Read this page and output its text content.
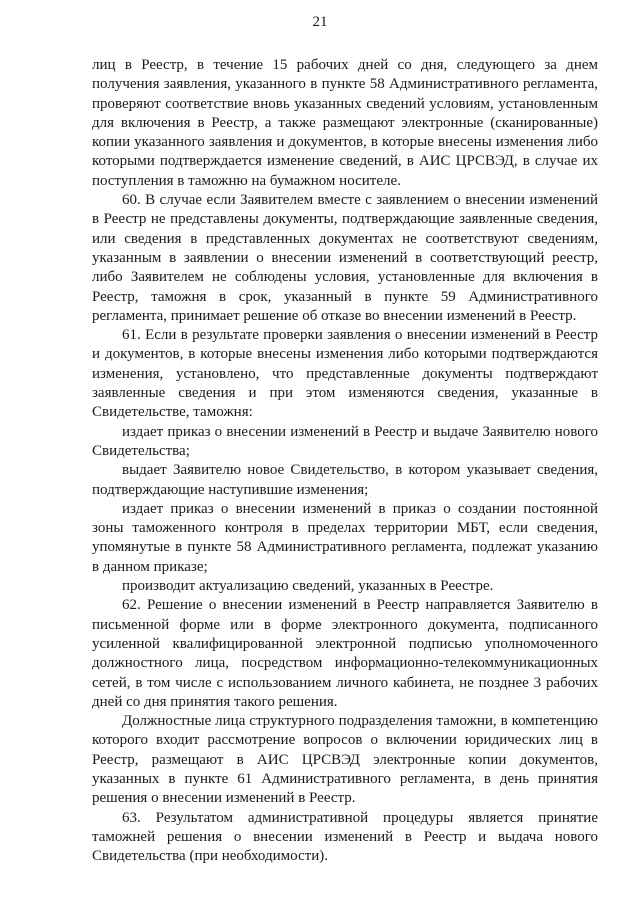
21

лиц в Реестр, в течение 15 рабочих дней со дня, следующего за днем получения заявления, указанного в пункте 58 Административного регламента, проверяют соответствие вновь указанных сведений условиям, установленным для включения в Реестр, а также размещают электронные (сканированные) копии указанного заявления и документов, в которые внесены изменения либо которыми подтверждается изменение сведений, в АИС ЦРСВЭД, в случае их поступления в таможню на бумажном носителе.

60. В случае если Заявителем вместе с заявлением о внесении изменений в Реестр не представлены документы, подтверждающие заявленные сведения, или сведения в представленных документах не соответствуют сведениям, указанным в заявлении о внесении изменений в соответствующий реестр, либо Заявителем не соблюдены условия, установленные для включения в Реестр, таможня в срок, указанный в пункте 59 Административного регламента, принимает решение об отказе во внесении изменений в Реестр.

61. Если в результате проверки заявления о внесении изменений в Реестр и документов, в которые внесены изменения либо которыми подтверждаются изменения, установлено, что представленные документы подтверждают заявленные сведения и при этом изменяются сведения, указанные в Свидетельстве, таможня:

издает приказ о внесении изменений в Реестр и выдаче Заявителю нового Свидетельства;

выдает Заявителю новое Свидетельство, в котором указывает сведения, подтверждающие наступившие изменения;

издает приказ о внесении изменений в приказ о создании постоянной зоны таможенного контроля в пределах территории МБТ, если сведения, упомянутые в пункте 58 Административного регламента, подлежат указанию в данном приказе;

производит актуализацию сведений, указанных в Реестре.

62. Решение о внесении изменений в Реестр направляется Заявителю в письменной форме или в форме электронного документа, подписанного усиленной квалифицированной электронной подписью уполномоченного должностного лица, посредством информационно-телекоммуникационных сетей, в том числе с использованием личного кабинета, не позднее 3 рабочих дней со дня принятия такого решения.

Должностные лица структурного подразделения таможни, в компетенцию которого входит рассмотрение вопросов о включении юридических лиц в Реестр, размещают в АИС ЦРСВЭД электронные копии документов, указанных в пункте 61 Административного регламента, в день принятия решения о внесении изменений в Реестр.

63. Результатом административной процедуры является принятие таможней решения о внесении изменений в Реестр и выдача нового Свидетельства (при необходимости).
